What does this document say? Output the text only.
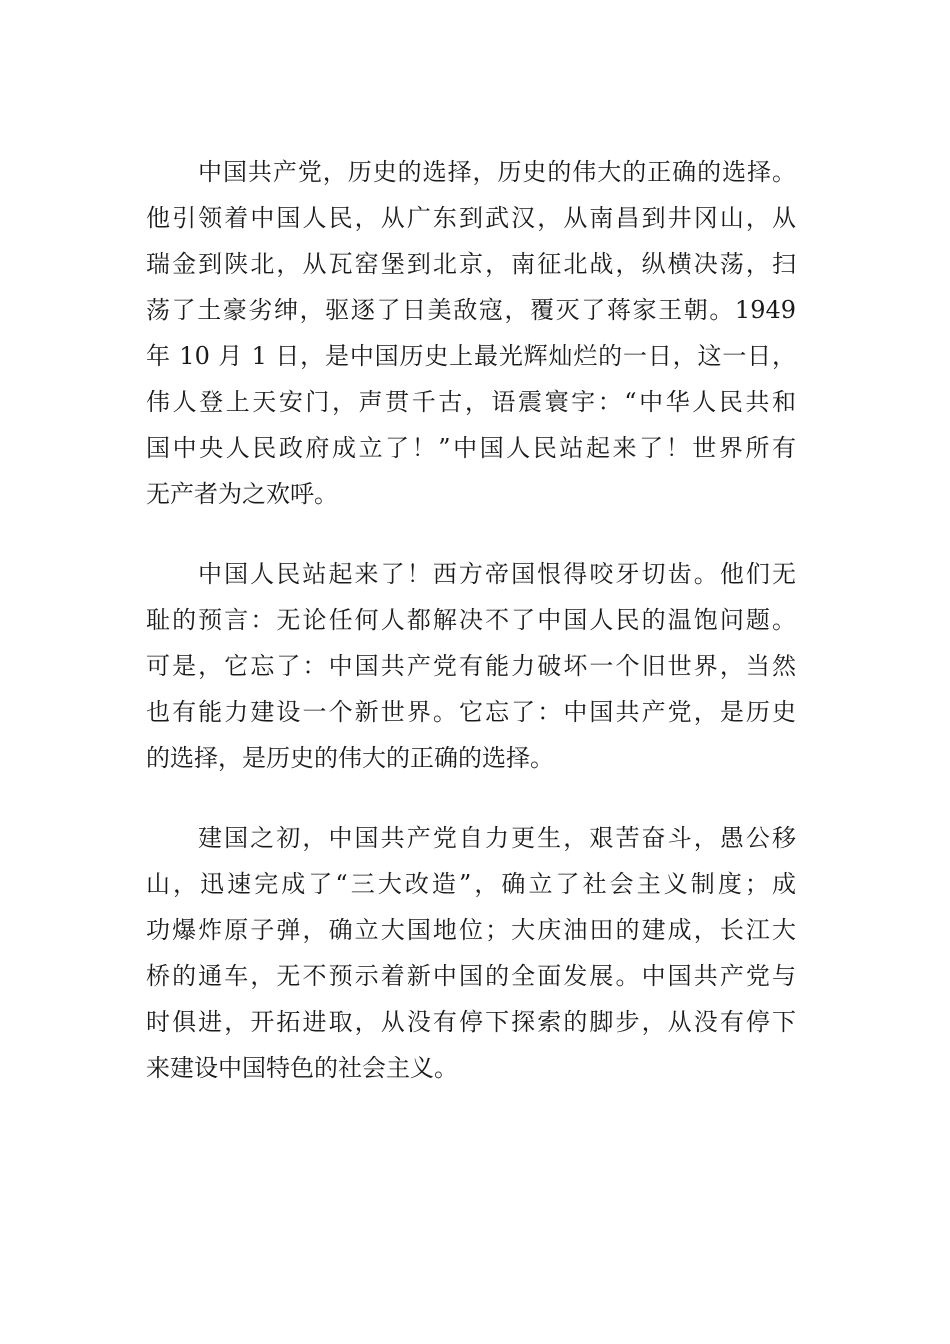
中国共产党，历史的选择，历史的伟大的正确的选择。
他引领着中国人民，从广东到武汉，从南昌到井冈山，从
瑞金到陕北，从瓦窑堡到北京，南征北战，纵横决荡，扫
荡了土豪劣绅，驱逐了日美敌寇，覆灭了蒋家王朝。1949
年 10 月 1 日，是中国历史上最光辉灿烂的一日，这一日，
伟人登上天安门，声贯千古，语震寰宇：“中华人民共和
国中央人民政府成立了！”中国人民站起来了！世界所有
无产者为之欢呼。
中国人民站起来了！西方帝国恨得咬牙切齿。他们无
耻的预言：无论任何人都解决不了中国人民的温饱问题。
可是，它忘了：中国共产党有能力破坏一个旧世界，当然
也有能力建设一个新世界。它忘了：中国共产党，是历史
的选择，是历史的伟大的正确的选择。
建国之初，中国共产党自力更生，艰苦奋斗，愚公移
山，迅速完成了“三大改造”，确立了社会主义制度；成
功爆炸原子弹，确立大国地位；大庆油田的建成，长江大
桥的通车，无不预示着新中国的全面发展。中国共产党与
时俱进，开拓进取，从没有停下探索的脚步，从没有停下
来建设中国特色的社会主义。
